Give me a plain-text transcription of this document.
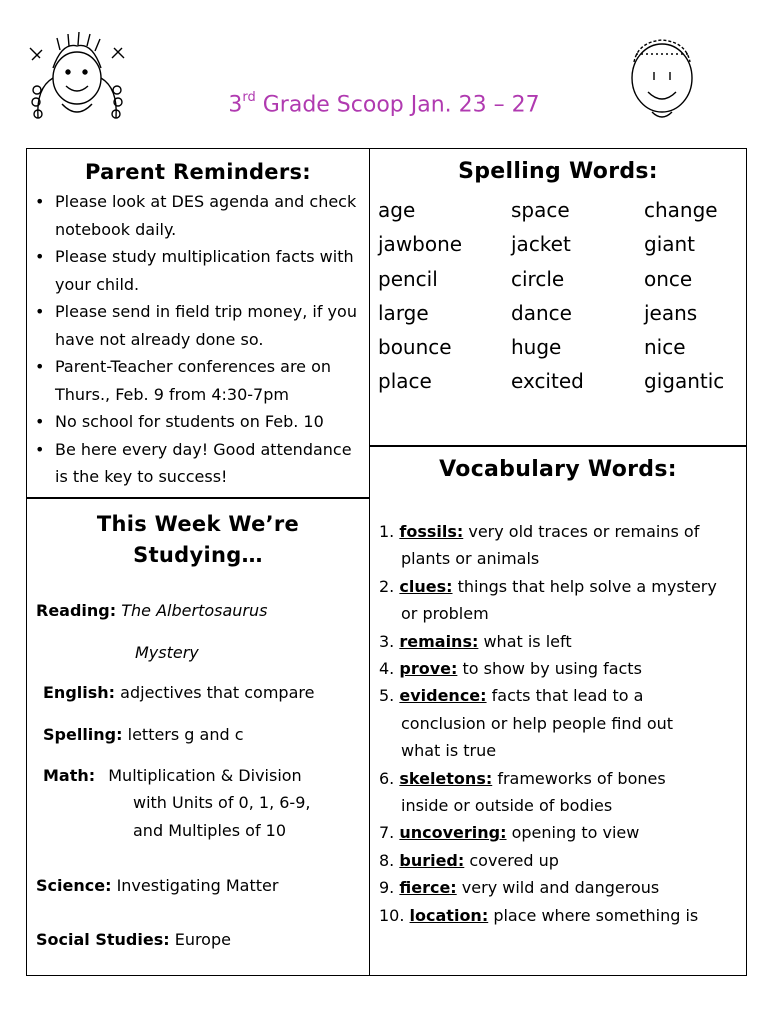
3rd Grade Scoop Jan. 23 – 27
Parent Reminders:
• Please look at DES agenda and check notebook daily.
• Please study multiplication facts with your child.
• Please send in field trip money, if you have not already done so.
• Parent-Teacher conferences are on Thurs., Feb. 9 from 4:30-7pm
• No school for students on Feb. 10
• Be here every day! Good attendance is the key to success!
Spelling Words:
age
jawbone
pencil
large
bounce
place
space
jacket
circle
dance
huge
excited
change
giant
once
jeans
nice
gigantic
This Week We’re
Studying…
Reading: The Albertosaurus
Mystery
English: adjectives that compare
Spelling: letters g and c
Math: Multiplication & Division
with Units of 0, 1, 6-9,
and Multiples of 10
Science: Investigating Matter
Social Studies: Europe
Vocabulary Words:
1. fossils: very old traces or remains of
plants or animals
2. clues: things that help solve a mystery
or problem
3. remains: what is left
4. prove: to show by using facts
5. evidence: facts that lead to a
conclusion or help people find out
what is true
6. skeletons: frameworks of bones
inside or outside of bodies
7. uncovering: opening to view
8. buried: covered up
9. fierce: very wild and dangerous
10. location: place where something is
